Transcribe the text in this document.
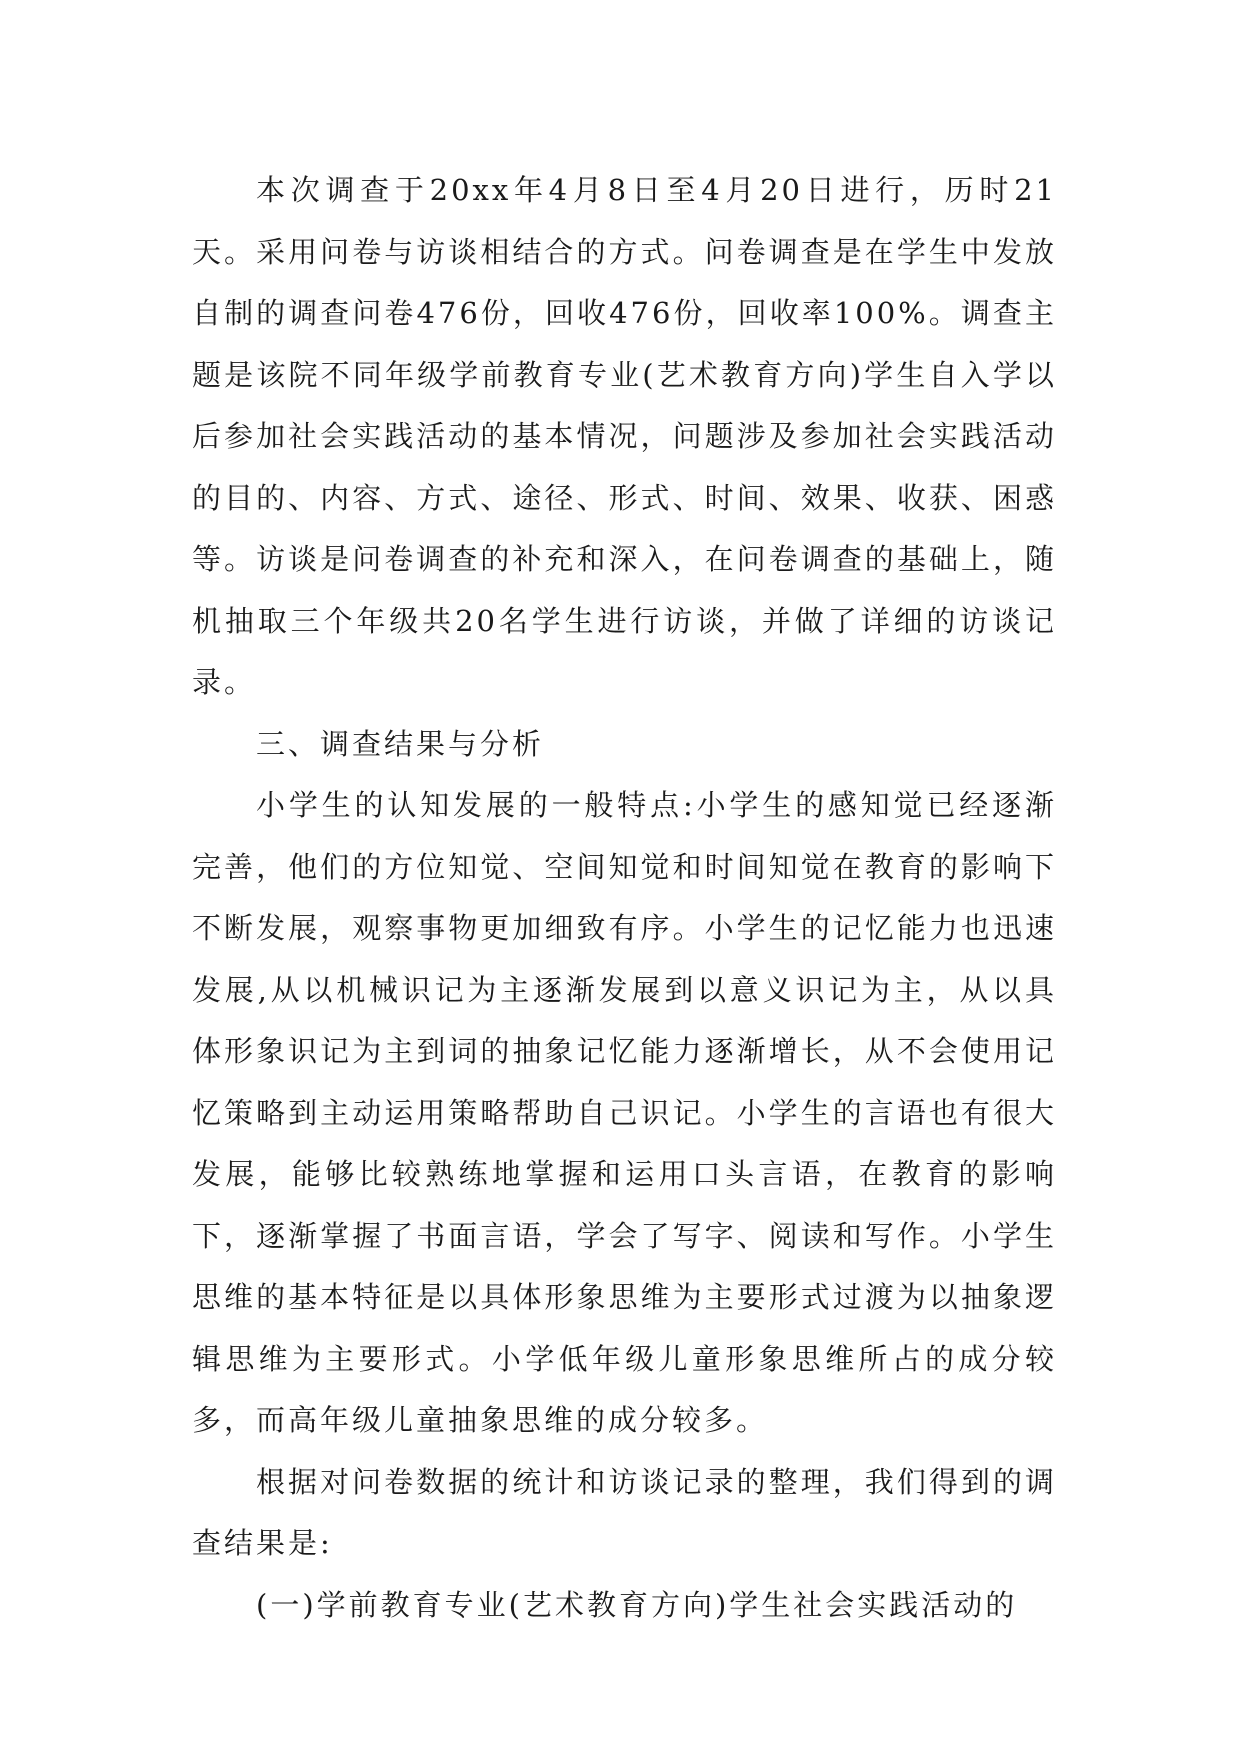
本次调查于20xx年4月8日至4月20日进行，历时21天。采用问卷与访谈相结合的方式。问卷调查是在学生中发放自制的调查问卷476份，回收476份，回收率100%。调查主题是该院不同年级学前教育专业(艺术教育方向)学生自入学以后参加社会实践活动的基本情况，问题涉及参加社会实践活动的目的、内容、方式、途径、形式、时间、效果、收获、困惑等。访谈是问卷调查的补充和深入，在问卷调查的基础上，随机抽取三个年级共20名学生进行访谈，并做了详细的访谈记录。

三、调查结果与分析

小学生的认知发展的一般特点:小学生的感知觉已经逐渐完善，他们的方位知觉、空间知觉和时间知觉在教育的影响下不断发展，观察事物更加细致有序。小学生的记忆能力也迅速发展,从以机械识记为主逐渐发展到以意义识记为主，从以具体形象识记为主到词的抽象记忆能力逐渐增长，从不会使用记忆策略到主动运用策略帮助自己识记。小学生的言语也有很大发展，能够比较熟练地掌握和运用口头言语，在教育的影响下，逐渐掌握了书面言语，学会了写字、阅读和写作。小学生思维的基本特征是以具体形象思维为主要形式过渡为以抽象逻辑思维为主要形式。小学低年级儿童形象思维所占的成分较多，而高年级儿童抽象思维的成分较多。

根据对问卷数据的统计和访谈记录的整理，我们得到的调查结果是:

(一)学前教育专业(艺术教育方向)学生社会实践活动的
